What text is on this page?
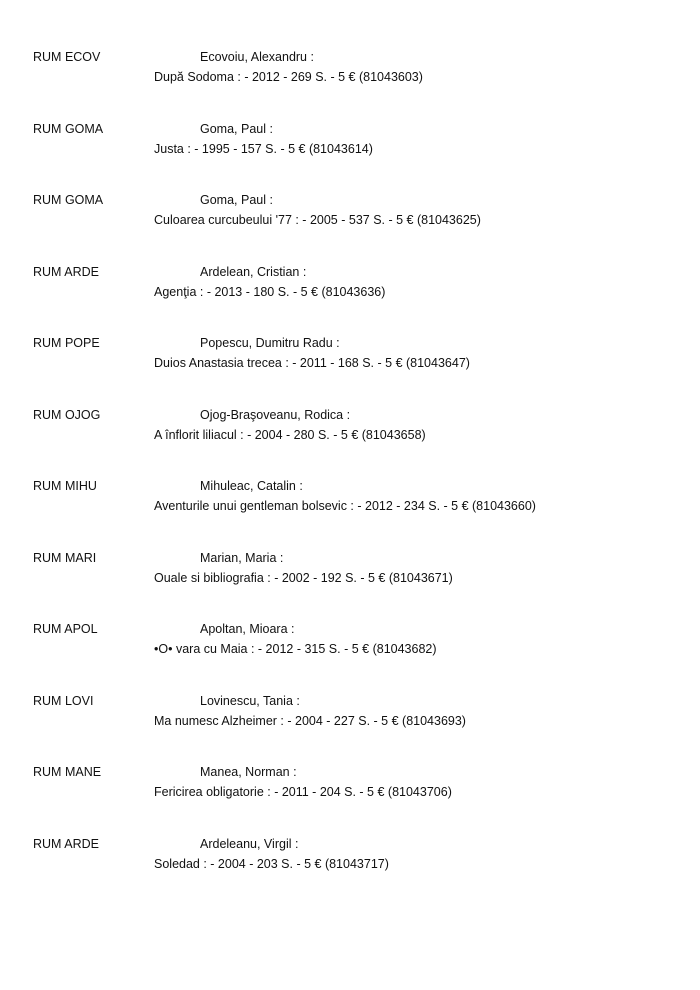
RUM ECOV	Ecovoiu, Alexandru :
După Sodoma : - 2012 - 269 S. - 5 € (81043603)
RUM GOMA	Goma, Paul :
Justa : - 1995 - 157 S. - 5 € (81043614)
RUM GOMA	Goma, Paul :
Culoarea curcubeului '77 : - 2005 - 537 S. - 5 € (81043625)
RUM ARDE	Ardelean, Cristian :
Agenţia : - 2013 - 180 S. - 5 € (81043636)
RUM POPE	Popescu, Dumitru Radu :
Duios Anastasia trecea : - 2011 - 168 S. - 5 € (81043647)
RUM OJOG	Ojog-Braşoveanu, Rodica :
A înflorit liliacul : - 2004 - 280 S. - 5 € (81043658)
RUM MIHU	Mihuleac, Catalin :
Aventurile unui gentleman bolsevic : - 2012 - 234 S. - 5 € (81043660)
RUM MARI	Marian, Maria :
Ouale si bibliografia : - 2002 - 192 S. - 5 € (81043671)
RUM APOL	Apoltan, Mioara :
•O• vara cu Maia : - 2012 - 315 S. - 5 € (81043682)
RUM LOVI	Lovinescu, Tania :
Ma numesc Alzheimer : - 2004 - 227 S. - 5 € (81043693)
RUM MANE	Manea, Norman :
Fericirea obligatorie : - 2011 - 204 S. - 5 € (81043706)
RUM ARDE	Ardeleanu, Virgil :
Soledad : - 2004 - 203 S. - 5 € (81043717)
